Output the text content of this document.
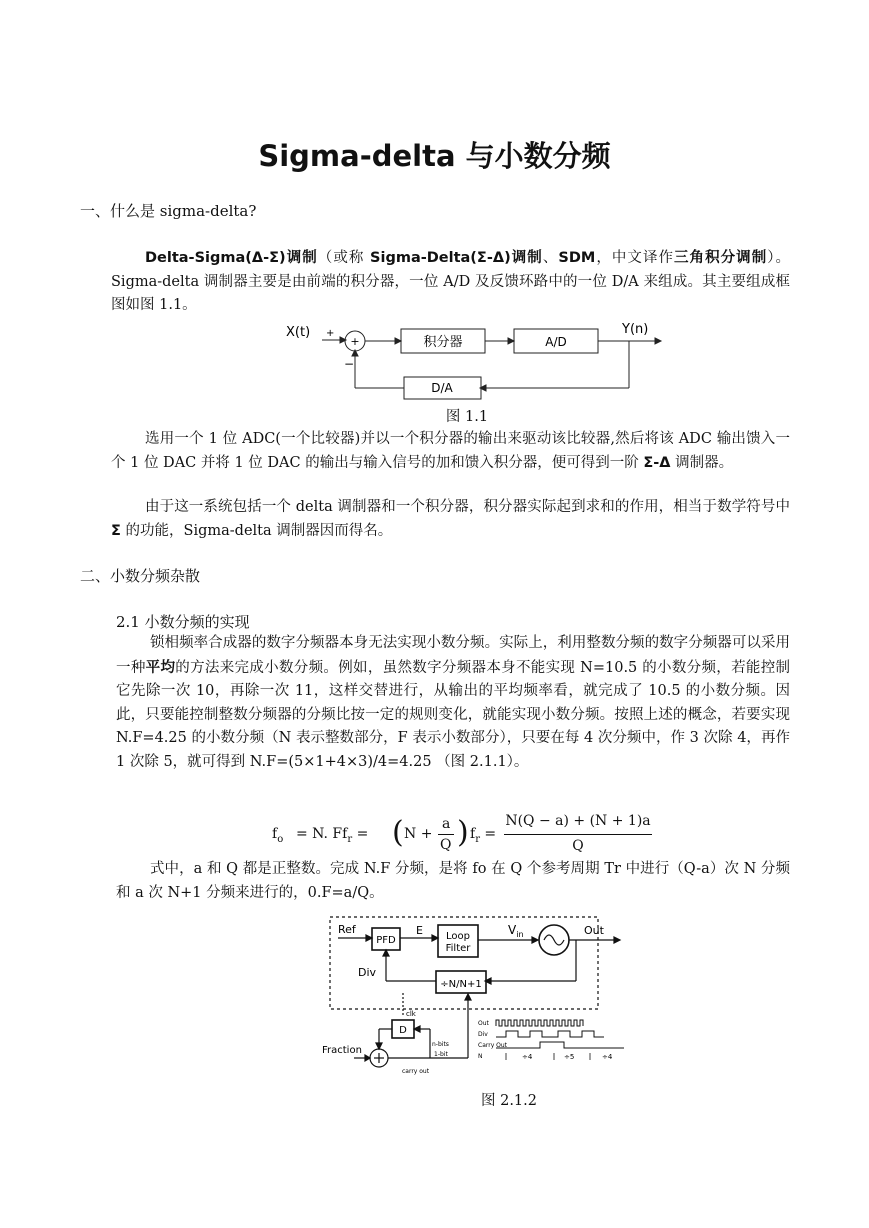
Sigma-delta 与小数分频
一、什么是 sigma-delta?
Delta-Sigma(Δ-Σ)调制（或称 Sigma-Delta(Σ-Δ)调制、SDM，中文译作三角积分调制）。Sigma-delta 调制器主要是由前端的积分器，一位 A/D 及反馈环路中的一位 D/A 来组成。其主要组成框图如图 1.1。
X(t) +
+
−
积分器	A/D
D/A
Y(n)
图 1.1
选用一个 1 位 ADC(一个比较器)并以一个积分器的输出来驱动该比较器,然后将该 ADC 输出馈入一个 1 位 DAC 并将 1 位 DAC 的输出与输入信号的加和馈入积分器，便可得到一阶 Σ-Δ 调制器。
由于这一系统包括一个 delta 调制器和一个积分器，积分器实际起到求和的作用，相当于数学符号中 Σ 的功能，Sigma-delta 调制器因而得名。
二、小数分频杂散
2.1 小数分频的实现
锁相频率合成器的数字分频器本身无法实现小数分频。实际上，利用整数分频的数字分频器可以采用一种平均的方法来完成小数分频。例如，虽然数字分频器本身不能实现 N=10.5 的小数分频，若能控制它先除一次 10，再除一次 11，这样交替进行，从输出的平均频率看，就完成了 10.5 的小数分频。因此，只要能控制整数分频器的分频比按一定的规则变化，就能实现小数分频。按照上述的概念，若要实现 N.F=4.25 的小数分频（N 表示整数部分，F 表示小数部分），只要在每 4 次分频中，作 3 次除 4，再作 1 次除 5，就可得到 N.F=(5×1+4×3)/4=4.25 （图 2.1.1）。
$f_o = N$. $Ff_r$ = ( N +
a
Q ) $f_r$ =
N(Q − a) + (N + 1)a
Q
式中，a 和 Q 都是正整数。完成 N.F 分频，是将 fo 在 Q 个参考周期 Tr 中进行（Q-a）次 N 分频和 a 次 N+1 分频来进行的，0.F=a/Q。
Ref
PFD
E Loop
Filter
$V_{in}$	Out
Div
÷N/N+1
clk
D
Fraction
n-bits
1-bit
carry out
Out
Div
Carry Out
N	÷4	÷5	÷4
图 2.1.2
